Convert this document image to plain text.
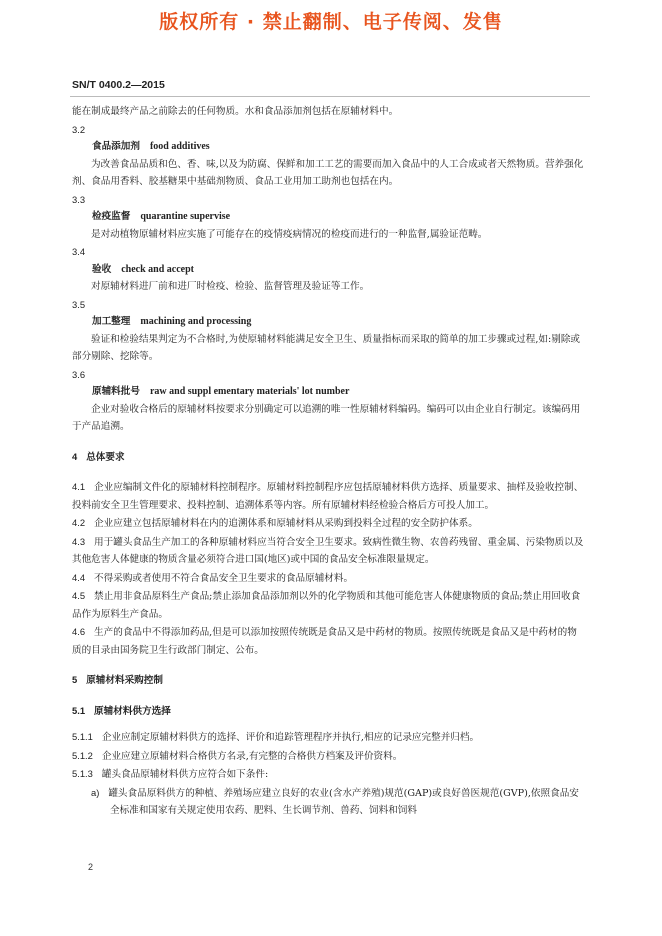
版权所有 · 禁止翻制、电子传阅、发售
SN/T 0400.2—2015

能在制成最终产品之前除去的任何物质。水和食品添加剂包括在原辅材料中。

3.2
食品添加剂 food additives

为改善食品品质和色、香、味,以及为防腐、保鲜和加工工艺的需要而加入食品中的人工合成或者天然物质。营养强化剂、食品用香料、胶基糖果中基础剂物质、食品工业用加工助剂也包括在内。

3.3
检疫监督 quarantine supervise

是对动植物原辅材料应实施了可能存在的疫情疫病情况的检疫而进行的一种监督,属验证范畴。

3.4
验收 check and accept

对原辅材料进厂前和进厂时检疫、检验、监督管理及验证等工作。

3.5
加工整理 machining and processing

验证和检验结果判定为不合格时,为使原辅材料能满足安全卫生、质量指标而采取的简单的加工步骤或过程,如:剔除或部分剔除、挖除等。

3.6
原辅料批号 raw and suppl ementary materials' lot number

企业对验收合格后的原辅材料按要求分别确定可以追溯的唯一性原辅材料编码。编码可以由企业自行制定。该编码用于产品追溯。

4 总体要求

4.1 企业应编制文件化的原辅材料控制程序。原辅材料控制程序应包括原辅材料供方选择、质量要求、抽样及验收控制、投料前安全卫生管理要求、投料控制、追溯体系等内容。所有原辅材料经检验合格后方可投人加工。

4.2 企业应建立包括原辅材料在内的追溯体系和原辅材料从采购到投料全过程的安全防护体系。

4.3 用于罐头食品生产加工的各种原辅材料应当符合安全卫生要求。致病性微生物、农兽药残留、重金属、污染物质以及其他危害人体健康的物质含量必须符合进口国(地区)或中国的食品安全标准限量规定。

4.4 不得采购或者使用不符合食品安全卫生要求的食品原辅材料。

4.5 禁止用非食品原料生产食品;禁止添加食品添加剂以外的化学物质和其他可能危害人体健康物质的食品;禁止用回收食品作为原料生产食品。

4.6 生产的食品中不得添加药品,但是可以添加按照传统既是食品又是中药材的物质。按照传统既是食品又是中药材的物质的目录由国务院卫生行政部门制定、公布。

5 原辅材料采购控制

5.1 原辅材料供方选择

5.1.1 企业应制定原辅材料供方的选择、评价和追踪管理程序并执行,相应的记录应完整并归档。

5.1.2 企业应建立原辅材料合格供方名录,有完整的合格供方档案及评价资料。

5.1.3 罐头食品原辅材料供方应符合如下条件:

a) 罐头食品原料供方的种植、养殖场应建立良好的农业(含水产养殖)规范(GAP)或良好兽医规范(GVP),依照食品安全标准和国家有关规定使用农药、肥料、生长调节剂、兽药、饲料和饲料

2
